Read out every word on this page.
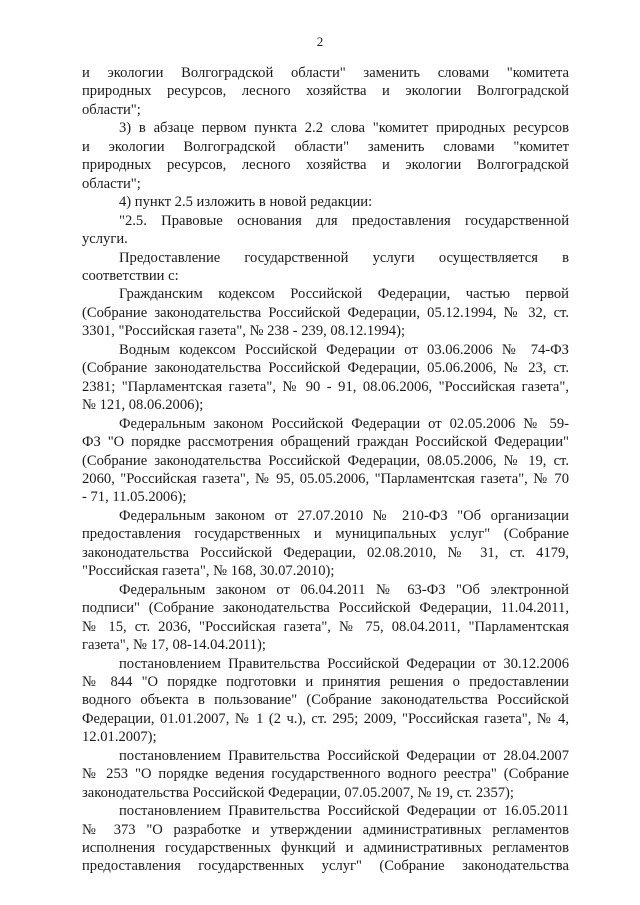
2
и экологии Волгоградской области" заменить словами "комитета
природных ресурсов, лесного хозяйства и экологии Волгоградской
области";
3) в абзаце первом пункта 2.2 слова "комитет природных ресурсов
и экологии Волгоградской области" заменить словами "комитет
природных ресурсов, лесного хозяйства и экологии Волгоградской
области";
4) пункт 2.5 изложить в новой редакции:
"2.5. Правовые основания для предоставления государственной
услуги.
Предоставление государственной услуги осуществляется в
соответствии с:
Гражданским кодексом Российской Федерации, частью первой
(Собрание законодательства Российской Федерации, 05.12.1994, № 32, ст.
3301, "Российская газета", № 238 - 239, 08.12.1994);
Водным кодексом Российской Федерации от 03.06.2006 № 74-ФЗ
(Собрание законодательства Российской Федерации, 05.06.2006, № 23, ст.
2381; "Парламентская газета", № 90 - 91, 08.06.2006, "Российская газета",
№ 121, 08.06.2006);
Федеральным законом Российской Федерации от 02.05.2006 № 59-
ФЗ "О порядке рассмотрения обращений граждан Российской Федерации"
(Собрание законодательства Российской Федерации, 08.05.2006, № 19, ст.
2060, "Российская газета", № 95, 05.05.2006, "Парламентская газета", № 70
- 71, 11.05.2006);
Федеральным законом от 27.07.2010 № 210-ФЗ "Об организации
предоставления государственных и муниципальных услуг" (Собрание
законодательства Российской Федерации, 02.08.2010, № 31, ст. 4179,
"Российская газета", № 168, 30.07.2010);
Федеральным законом от 06.04.2011 № 63-ФЗ "Об электронной
подписи" (Собрание законодательства Российской Федерации, 11.04.2011,
№ 15, ст. 2036, "Российская газета", № 75, 08.04.2011, "Парламентская
газета", № 17, 08-14.04.2011);
постановлением Правительства Российской Федерации от 30.12.2006
№ 844 "О порядке подготовки и принятия решения о предоставлении
водного объекта в пользование" (Собрание законодательства Российской
Федерации, 01.01.2007, № 1 (2 ч.), ст. 295; 2009, "Российская газета", № 4,
12.01.2007);
постановлением Правительства Российской Федерации от 28.04.2007
№ 253 "О порядке ведения государственного водного реестра" (Собрание
законодательства Российской Федерации, 07.05.2007, № 19, ст. 2357);
постановлением Правительства Российской Федерации от 16.05.2011
№ 373 "О разработке и утверждении административных регламентов
исполнения государственных функций и административных регламентов
предоставления государственных услуг" (Собрание законодательства
